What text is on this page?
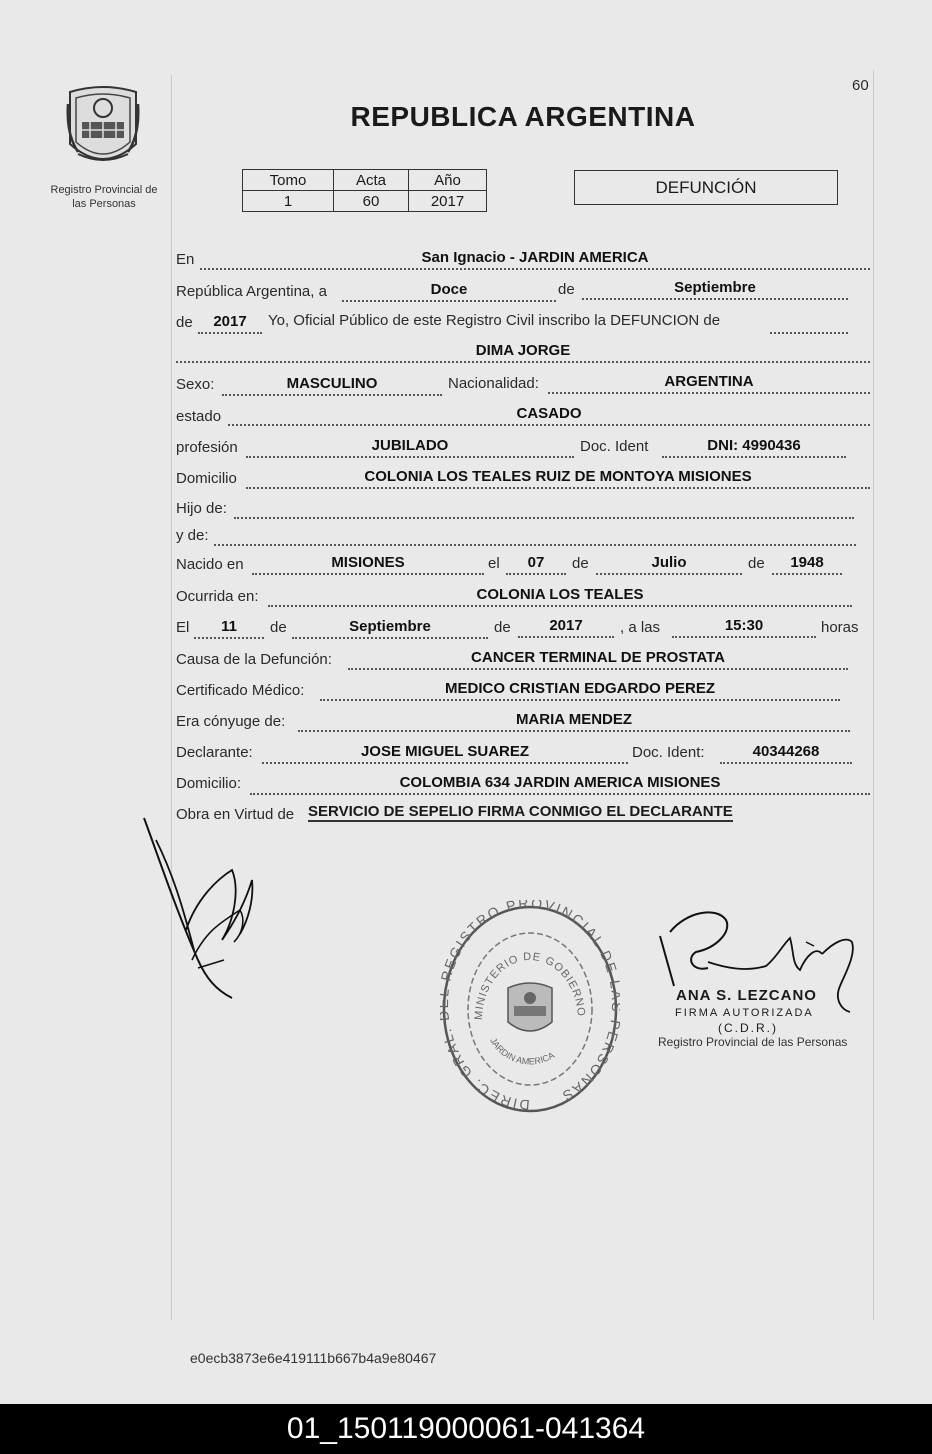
60
Registro Provincial de las Personas
REPUBLICA ARGENTINA
Tomo	Acta	Año
1	60	2017
DEFUNCIÓN
En	San Ignacio - JARDIN AMERICA
República Argentina, a	Doce	de	Septiembre
de	2017	Yo, Oficial Público de este Registro Civil inscribo la DEFUNCION de
DIMA JORGE
Sexo:	MASCULINO	Nacionalidad:	ARGENTINA
estado	CASADO
profesión	JUBILADO	Doc. Ident	DNI: 4990436
Domicilio	COLONIA LOS TEALES RUIZ DE MONTOYA MISIONES
Hijo de:
y de:
Nacido en	MISIONES	el	07	de	Julio	de	1948
Ocurrida en:	COLONIA LOS TEALES
El	11	de	Septiembre	de	2017	, a las	15:30	horas
Causa de la Defunción:	CANCER TERMINAL DE PROSTATA
Certificado Médico:	MEDICO CRISTIAN EDGARDO PEREZ
Era cónyuge de:	MARIA MENDEZ
Declarante:	JOSE MIGUEL SUAREZ	Doc. Ident:	40344268
Domicilio:	COLOMBIA 634 JARDIN AMERICA MISIONES
Obra en Virtud de SERVICIO DE SEPELIO FIRMA CONMIGO EL DECLARANTE
DIREC. GRAL EGISTRO PROVINCIAL DE ERSONAS
MINISTERIO DE GOBIERNO
JARDIN AMERICA
ANA S. LEZCANO
FIRMA AUTORIZADA
(C.D.R.)
Registro Provincial de las Personas
e0ecb3873e6e419111b667b4a9e80467
01_150119000061-041364
